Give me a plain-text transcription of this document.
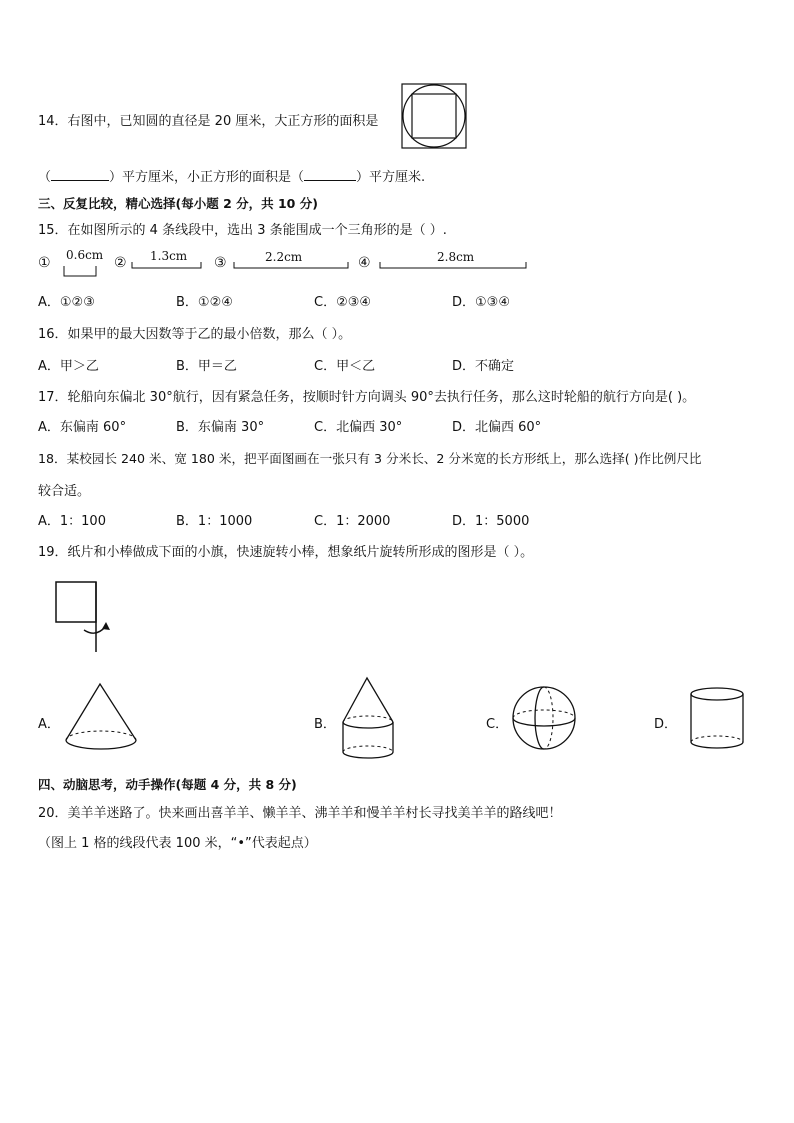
14．右图中，已知圆的直径是 20 厘米，大正方形的面积是
（	）平方厘米，小正方形的面积是（	）平方厘米.
三、反复比较，精心选择(每小题 2 分，共 10 分)
15．在如图所示的 4 条线段中，选出 3 条能围成一个三角形的是（ ）.
① 0.6cm ② 1.3cm ③	2.2cm	④	2.8cm
A．①②③	B．①②④	C．②③④	D．①③④
16．如果甲的最大因数等于乙的最小倍数，那么（ ）。
A．甲＞乙	B．甲＝乙	C．甲＜乙	D．不确定
17．轮船向东偏北 30°航行，因有紧急任务，按顺时针方向调头 90°去执行任务，那么这时轮船的航行方向是( )。
A．东偏南 60°	B．东偏南 30°	C．北偏西 30°	D．北偏西 60°
18．某校园长 240 米、宽 180 米，把平面图画在一张只有 3 分米长、2 分米宽的长方形纸上，那么选择( )作比例尺比
较合适。
A．1：100	B．1：1000	C．1：2000	D．1：5000
19．纸片和小棒做成下面的小旗，快速旋转小棒，想象纸片旋转所形成的图形是（ ）。
A．	B．	C．	D．
四、动脑思考，动手操作(每题 4 分，共 8 分)
20．美羊羊迷路了。快来画出喜羊羊、懒羊羊、沸羊羊和慢羊羊村长寻找美羊羊的路线吧！
（图上 1 格的线段代表 100 米，“•”代表起点）
